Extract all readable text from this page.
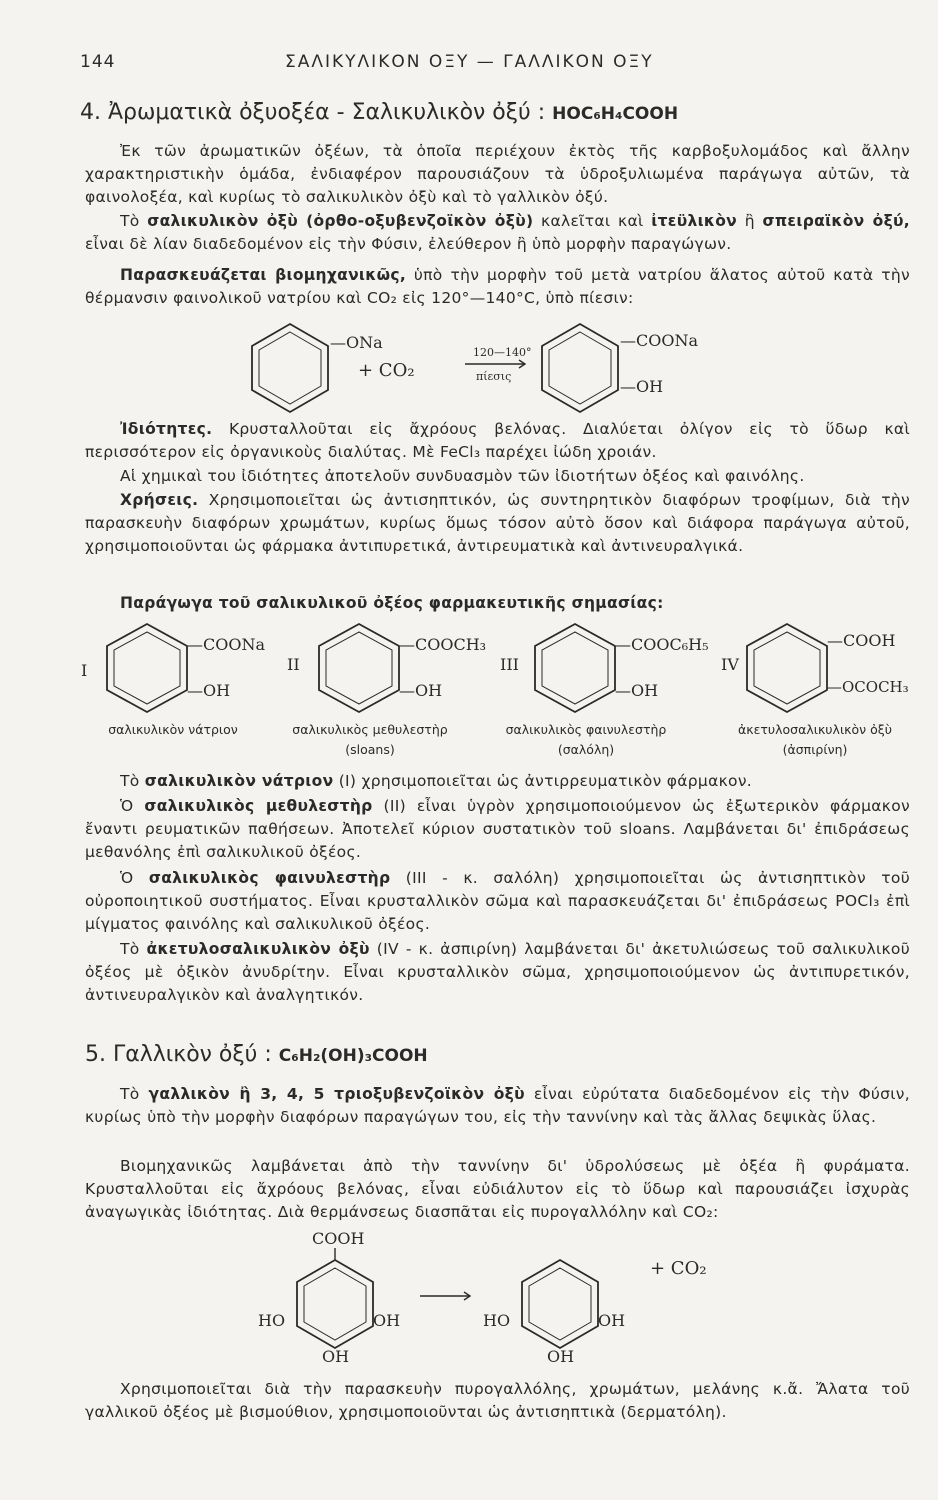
144	ΣΑΛΙΚΥΛΙΚΟΝ ΟΞΥ — ΓΑΛΛΙΚΟΝ ΟΞΥ
4. Ἀρωματικὰ ὀξυοξέα - Σαλικυλικὸν ὀξύ : HOC₆H₄COOH
Ἐκ τῶν ἀρωματικῶν ὀξέων, τὰ ὁποῖα περιέχουν ἐκτὸς τῆς καρβοξυλομάδος καὶ ἄλλην χαρακτηριστικὴν ὁμάδα, ἐνδιαφέρον παρουσιάζουν τὰ ὑδροξυλιωμένα παράγωγα αὐτῶν, τὰ φαινολοξέα, καὶ κυρίως τὸ σαλικυλικὸν ὀξὺ καὶ τὸ γαλλικὸν ὀξύ.
Τὸ σαλικυλικὸν ὀξὺ (ὀρθο-οξυβενζοϊκὸν ὀξὺ) καλεῖται καὶ ἰτεϋλικὸν ἢ σπειραϊκὸν ὀξύ, εἶναι δὲ λίαν διαδεδομένον εἰς τὴν Φύσιν, ἐλεύθερον ἢ ὑπὸ μορφὴν παραγώγων.
Παρασκευάζεται βιομηχανικῶς, ὑπὸ τὴν μορφὴν τοῦ μετὰ νατρίου ἅλατος αὐτοῦ κατὰ τὴν θέρμανσιν φαινολικοῦ νατρίου καὶ CO₂ εἰς 120°—140°C, ὑπὸ πίεσιν:
—ONa
+ CO₂
120—140°
πίεσις
—COONa
—OH
Ἰδιότητες. Κρυσταλλοῦται εἰς ἄχρόους βελόνας. Διαλύεται ὀλίγον εἰς τὸ ὕδωρ καὶ περισσότερον εἰς ὀργανικοὺς διαλύτας. Μὲ FeCl₃ παρέχει ἰώδη χροιάν.
Αἱ χημικαὶ του ἰδιότητες ἀποτελοῦν συνδυασμὸν τῶν ἰδιοτήτων ὀξέος καὶ φαινόλης.
Χρήσεις. Χρησιμοποιεῖται ὡς ἀντισηπτικόν, ὡς συντηρητικὸν διαφόρων τροφίμων, διὰ τὴν παρασκευὴν διαφόρων χρωμάτων, κυρίως ὅμως τόσον αὐτὸ ὅσον καὶ διάφορα παράγωγα αὐτοῦ, χρησιμοποιοῦνται ὡς φάρμακα ἀντιπυρετικά, ἀντιρευματικὰ καὶ ἀντινευραλγικά.
Παράγωγα τοῦ σαλικυλικοῦ ὀξέος φαρμακευτικῆς σημασίας:
I
—COONa
—OH
II
—COOCH₃
—OH
III
—COOC₆H₅
—OH
IV
—COOH
—OCOCH₃
σαλικυλικὸν νάτριον	σαλικυλικὸς μεθυλεστὴρ
(sloans)
σαλικυλικὸς φαινυλεστὴρ
(σαλόλη)
ἀκετυλοσαλικυλικὸν ὀξὺ
(ἀσπιρίνη)
Τὸ σαλικυλικὸν νάτριον (I) χρησιμοποιεῖται ὡς ἀντιρρευματικὸν φάρμακον.
Ὁ σαλικυλικὸς μεθυλεστὴρ (II) εἶναι ὑγρὸν χρησιμοποιούμενον ὡς ἐξωτερικὸν φάρμακον ἔναντι ρευματικῶν παθήσεων. Ἀποτελεῖ κύριον συστατικὸν τοῦ sloans. Λαμβάνεται δι' ἐπιδράσεως μεθανόλης ἐπὶ σαλικυλικοῦ ὀξέος.
Ὁ σαλικυλικὸς φαινυλεστὴρ (III - κ. σαλόλη) χρησιμοποιεῖται ὡς ἀντισηπτικὸν τοῦ οὐροποιητικοῦ συστήματος. Εἶναι κρυσταλλικὸν σῶμα καὶ παρασκευάζεται δι' ἐπιδράσεως POCl₃ ἐπὶ μίγματος φαινόλης καὶ σαλικυλικοῦ ὀξέος.
Τὸ ἀκετυλοσαλικυλικὸν ὀξὺ (IV - κ. ἀσπιρίνη) λαμβάνεται δι' ἀκετυλιώσεως τοῦ σαλικυλικοῦ ὀξέος μὲ ὀξικὸν ἀνυδρίτην. Εἶναι κρυσταλλικὸν σῶμα, χρησιμοποιούμενον ὡς ἀντιπυρετικόν, ἀντινευραλγικὸν καὶ ἀναλγητικόν.
5. Γαλλικὸν ὀξύ : C₆H₂(OH)₃COOH
Τὸ γαλλικὸν ἢ 3, 4, 5 τριοξυβενζοϊκὸν ὀξὺ εἶναι εὐρύτατα διαδεδομένον εἰς τὴν Φύσιν, κυρίως ὑπὸ τὴν μορφὴν διαφόρων παραγώγων του, εἰς τὴν ταννίνην καὶ τὰς ἄλλας δεψικὰς ὕλας.
Βιομηχανικῶς λαμβάνεται ἀπὸ τὴν ταννίνην δι' ὑδρολύσεως μὲ ὀξέα ἢ φυράματα. Κρυσταλλοῦται εἰς ἄχρόους βελόνας, εἶναι εὐδιάλυτον εἰς τὸ ὕδωρ καὶ παρουσιάζει ἰσχυρὰς ἀναγωγικὰς ἰδιότητας. Διὰ θερμάνσεως διασπᾶται εἰς πυρογαλλόλην καὶ CO₂:
COOH
HO	OH
OH
HO	OH
OH
+ CO₂
Χρησιμοποιεῖται διὰ τὴν παρασκευὴν πυρογαλλόλης, χρωμάτων, μελάνης κ.ἄ. Ἄλατα τοῦ γαλλικοῦ ὀξέος μὲ βισμούθιον, χρησιμοποιοῦνται ὡς ἀντισηπτικὰ (δερματόλη).
